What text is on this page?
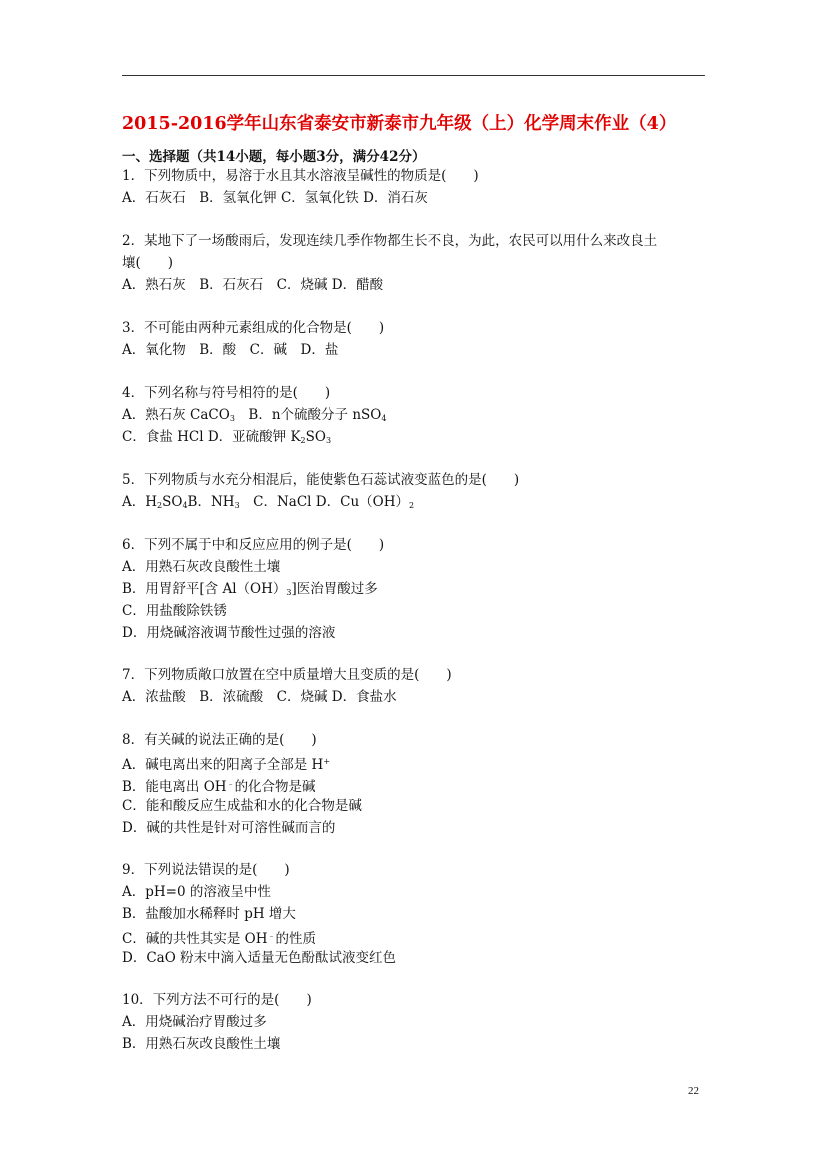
2015-2016学年山东省泰安市新泰市九年级（上）化学周末作业（4）
一、选择题（共14小题，每小题3分，满分42分）
1．下列物质中，易溶于水且其水溶液呈碱性的物质是(　　)
A．石灰石　B．氢氧化钾 C．氢氧化铁 D．消石灰
2．某地下了一场酸雨后，发现连续几季作物都生长不良，为此，农民可以用什么来改良土
壤(　　)
A．熟石灰　B．石灰石　C．烧碱 D．醋酸
3．不可能由两种元素组成的化合物是(　　)
A．氧化物　B．酸　C．碱　D．盐
4．下列名称与符号相符的是(　　)
A．熟石灰 CaCO$_3$　B．n个硫酸分子 nSO$_4$
C．食盐 HCl D．亚硫酸钾 $K_2SO_3$
5．下列物质与水充分相混后，能使紫色石蕊试液变蓝色的是(　　)
A．$H_2SO_4B$．$NH_3$　C．NaCl D．$Cu(OH)_2$
6．下列不属于中和反应应用的例子是(　　)
A．用熟石灰改良酸性土壤
B．用胃舒平[含 $Al(OH)_3$]医治胃酸过多
C．用盐酸除铁锈
D．用烧碱溶液调节酸性过强的溶液
7．下列物质敞口放置在空中质量增大且变质的是(　　)
A．浓盐酸　B．浓硫酸　C．烧碱 D．食盐水
8．有关碱的说法正确的是(　　)
A．碱电离出来的阳离子全部是 H+
B．能电离出 OH﹣的化合物是碱
C．能和酸反应生成盐和水的化合物是碱
D．碱的共性是针对可溶性碱而言的
9．下列说法错误的是(　　)
A．pH=0 的溶液呈中性
B．盐酸加水稀释时 pH 增大
C．碱的共性其实是 OH﹣的性质
D．CaO 粉末中滴入适量无色酚酞试液变红色
10．下列方法不可行的是(　　)
A．用烧碱治疗胃酸过多
B．用熟石灰改良酸性土壤
22
